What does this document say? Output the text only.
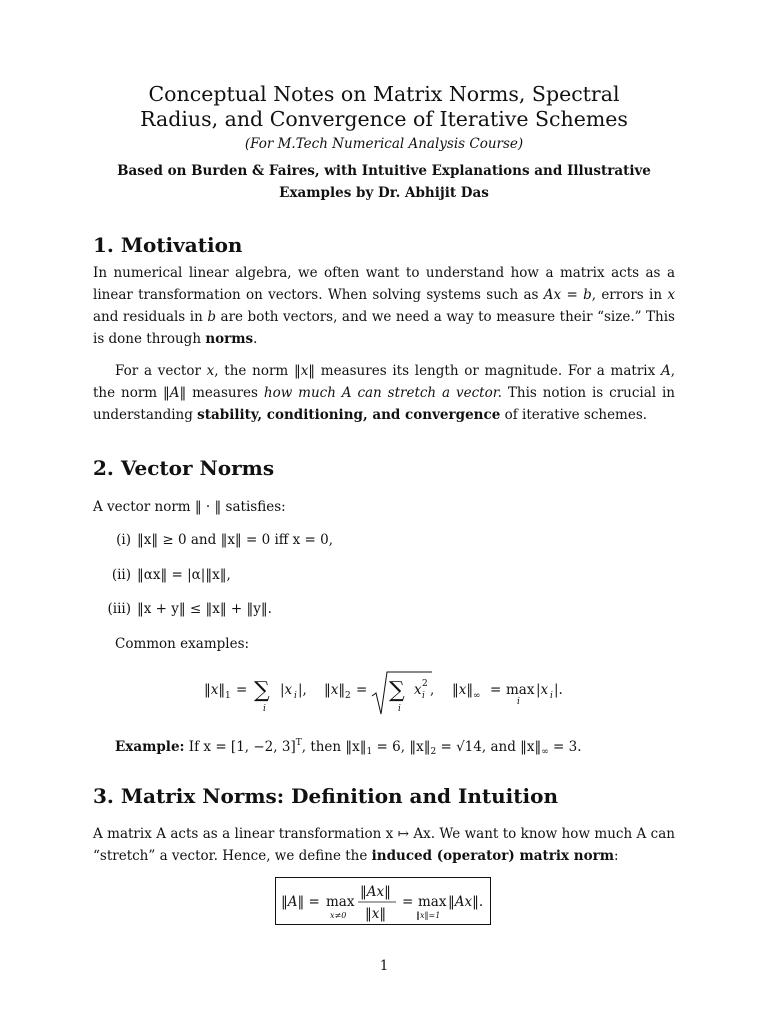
Conceptual Notes on Matrix Norms, Spectral
Radius, and Convergence of Iterative Schemes
(For M.Tech Numerical Analysis Course)
Based on Burden & Faires, with Intuitive Explanations and Illustrative
Examples by Dr. Abhijit Das
1. Motivation

In numerical linear algebra, we often want to understand how a matrix acts as a linear transformation on vectors. When solving systems such as Ax = b, errors in x and residuals in b are both vectors, and we need a way to measure their “size.” This is done through norms.

For a vector x, the norm ‖x‖ measures its length or magnitude. For a matrix A, the norm ‖A‖ measures how much A can stretch a vector. This notion is crucial in understanding stability, conditioning, and convergence of iterative schemes.

2. Vector Norms
A vector norm ‖ · ‖ satisfies:
(i) ‖x‖ ≥ 0 and ‖x‖ = 0 iff x = 0,
(ii) ‖αx‖ = |α|‖x‖,
(iii) ‖x + y‖ ≤ ‖x‖ + ‖y‖.
Common examples:
‖x‖ 1 = ∑
i
|x i |, ‖x‖ 2 = ∑
i
x i
2 , ‖x‖ ∞ = max
i
|x i |.
Example: If x = [1, −2, 3]$^T$, then $‖x‖_1 = 6$, $‖x‖_2 = √14$, and $‖x‖_\infty = 3$.
3. Matrix Norms: Definition and Intuition

A matrix A acts as a linear transformation x ↦ Ax. We want to know how much A can “stretch” a vector. Hence, we define the induced (operator) matrix norm:

‖A‖ = max
x≠0
‖Ax‖
‖x‖
= max
‖x‖=1
‖Ax‖.
1
